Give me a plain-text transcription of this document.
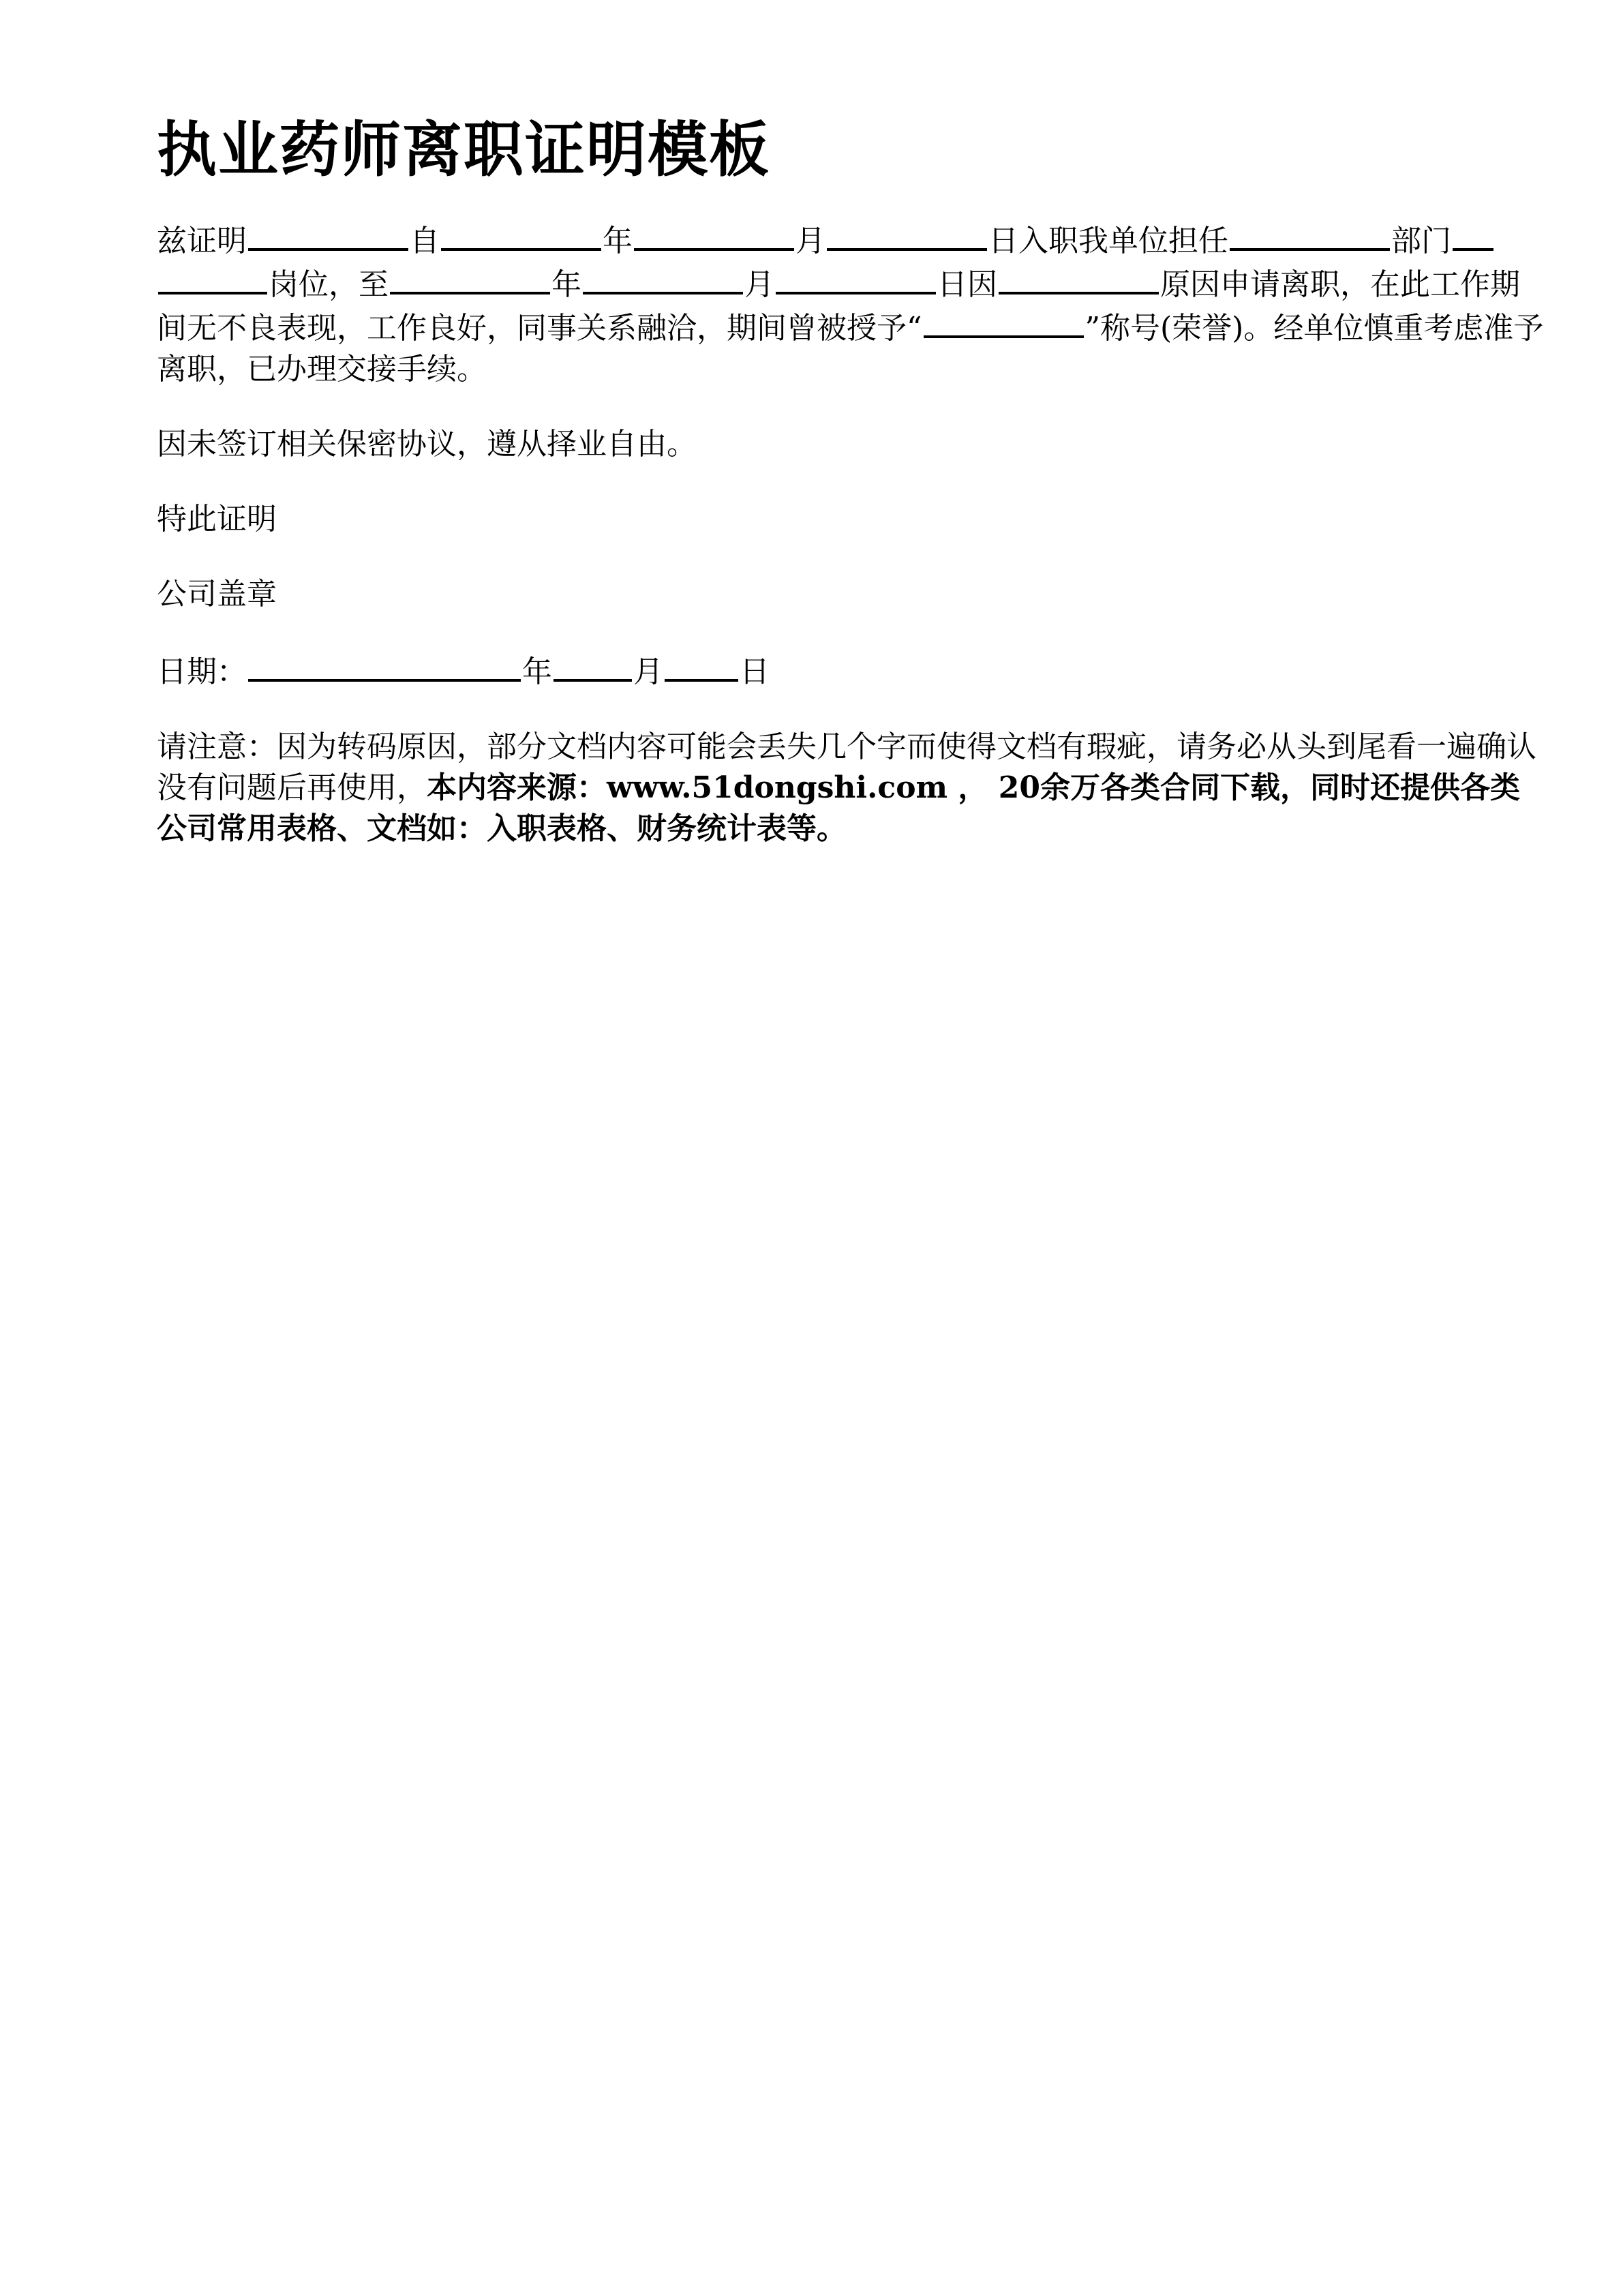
执业药师离职证明模板

兹证明	自	年	月	日入职我单位担任	部门岗位，至	年	月	日因	原因申请离职，在此工作期间无不良表现，工作良好，同事关系融洽，期间曾被授予“	”称号(荣誉)。经单位慎重考虑准予离职，已办理交接手续。

因未签订相关保密协议，遵从择业自由。

特此证明

公司盖章

日期：	年	月	日

请注意：因为转码原因，部分文档内容可能会丢失几个字而使得文档有瑕疵，请务必从头到尾看一遍确认没有问题后再使用，本内容来源：www.51dongshi.com ， 20余万各类合同下载，同时还提供各类公司常用表格、文档如：入职表格、财务统计表等。
